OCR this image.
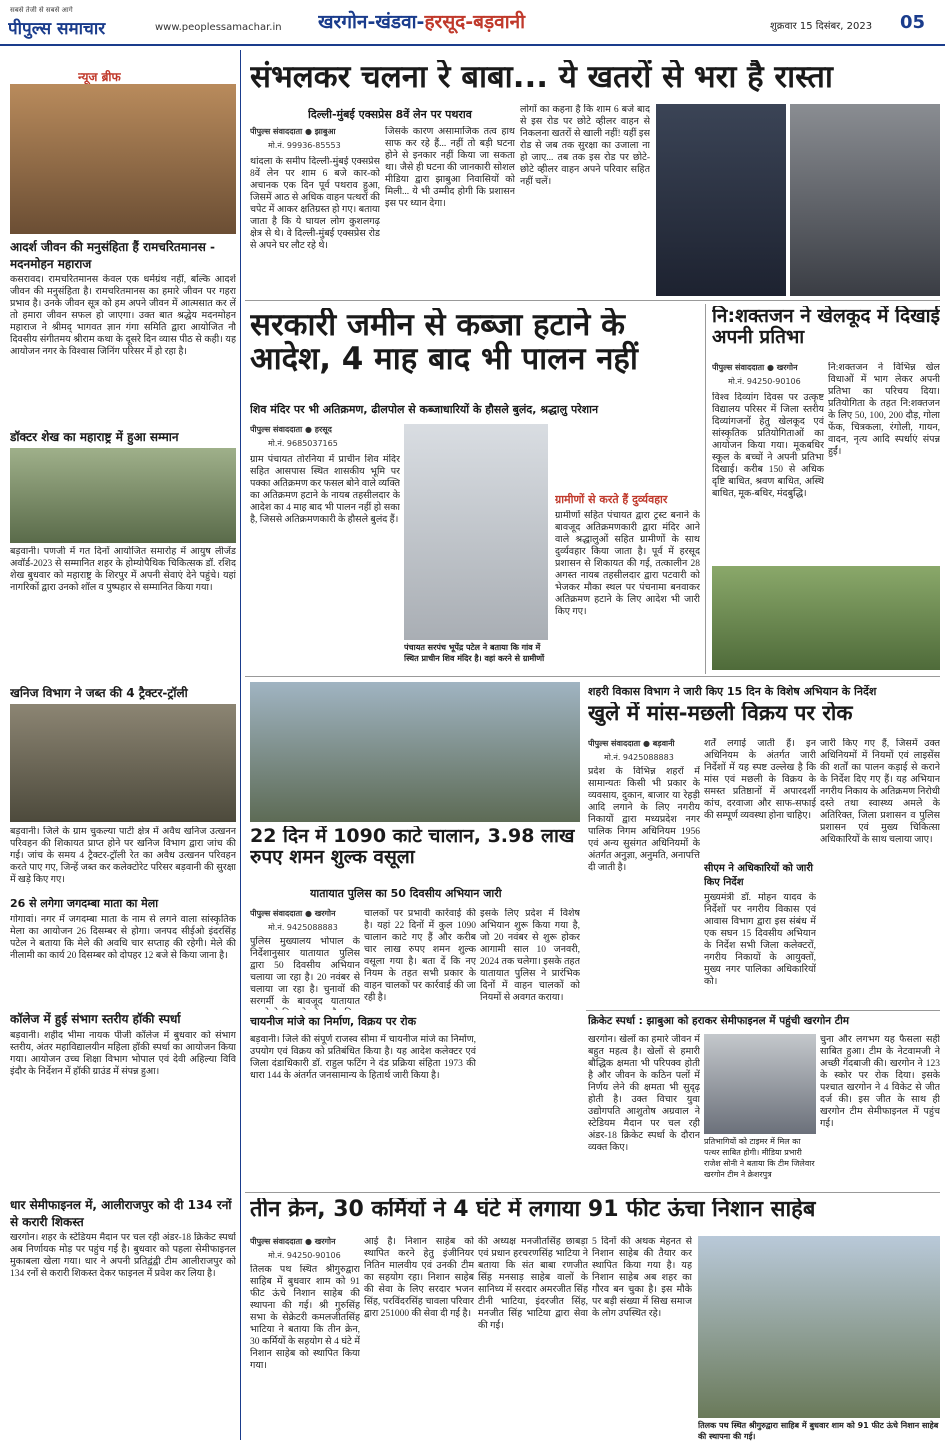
सबसे तेजी से सबसे आगे
पीपुल्स समाचार	www.peoplessamachar.in खरगोन-खंडवा-हरसूद-बड़वानी	शुक्रवार 15 दिसंबर, 2023 05
न्यूज ब्रीफ
आदर्श जीवन की मनुसंहिता हैं रामचरितमानस - मदनमोहन महाराज
कसरावद। रामचरितमानस केवल एक धर्मग्रंथ नहीं, बल्कि आदर्श जीवन की मनुसंहिता है। रामचरितमानस का हमारे जीवन पर गहरा प्रभाव है। उनके जीवन सूत्र को हम अपने जीवन में आत्मसात कर लें तो हमारा जीवन सफल हो जाएगा। उक्त बात श्रद्धेय मदनमोहन महाराज ने श्रीमद् भागवत ज्ञान गंगा समिति द्वारा आयोजित नौ दिवसीय संगीतमय श्रीराम कथा के दूसरे दिन व्यास पीठ से कही। यह आयोजन नगर के विश्वास जिनिंग परिसर में हो रहा है।
डॉक्टर शेख का महाराष्ट्र में हुआ सम्मान
बड़वानी। पणजी में गत दिनों आयोजित समारोह में आयुष लीजेंड अवॉर्ड-2023 से सम्मानित शहर के होम्योपैथिक चिकित्सक डॉ. रशिद शेख बुधवार को महाराष्ट्र के शिरपुर में अपनी सेवाएं देने पहुंचे। यहां नागरिकों द्वारा उनको शॉल व पुष्पहार से सम्मानित किया गया।
खनिज विभाग ने जब्त की 4 ट्रैक्टर-ट्रॉली
बड़वानी। जिले के ग्राम चुकल्या पाटी क्षेत्र में अवैध खनिज उत्खनन परिवहन की शिकायत प्राप्त होने पर खनिज विभाग द्वारा जांच की गई। जांच के समय 4 ट्रैक्टर-ट्रॉली रेत का अवैध उत्खनन परिवहन करते पाए गए, जिन्हें जब्त कर कलेक्टोरेट परिसर बड़वानी की सुरक्षा में खड़े किए गए।
26 से लगेगा जगदम्बा माता का मेला
गोगावां। नगर में जगदम्बा माता के नाम से लगने वाला सांस्कृतिक मेला का आयोजन 26 दिसम्बर से होगा। जनपद सीईओ इंदरसिंह पटेल ने बताया कि मेले की अवधि चार सप्ताह की रहेगी। मेले की नीलामी का कार्य 20 दिसम्बर को दोपहर 12 बजे से किया जाना है।
कॉलेज में हुई संभाग स्तरीय हॉकी स्पर्धा
बड़वानी। शहीद भीमा नायक पीजी कॉलेज में बुधवार को संभाग स्तरीय, अंतर महाविद्यालयीन महिला हॉकी स्पर्धा का आयोजन किया गया। आयोजन उच्च शिक्षा विभाग भोपाल एवं देवी अहिल्या विवि इंदौर के निर्देशन में हॉकी ग्राउंड में संपन्न हुआ।
धार सेमीफाइनल में, आलीराजपुर को दी 134 रनों से करारी शिकस्त
खरगोन। शहर के स्टेडियम मैदान पर चल रही अंडर-18 क्रिकेट स्पर्धा अब निर्णायक मोड़ पर पहुंच गई है। बुधवार को पहला सेमीफाइनल मुकाबला खेला गया। धार ने अपनी प्रतिद्वंद्वी टीम आलीराजपुर को 134 रनों से करारी शिकस्त देकर फाइनल में प्रवेश कर लिया है।
संभलकर चलना रे बाबा... ये खतरों से भरा है रास्ता
दिल्ली-मुंबई एक्सप्रेस 8वें लेन पर पथराव
पीपुल्स संवाददाता ● झाबुआ
मो.नं. 99936-85553
थांदला के समीप दिल्ली-मुंबई एक्सप्रेस 8वें लेन पर शाम 6 बजे कार-को अचानक एक दिन पूर्व पथराव हुआ, जिसमें आठ से अधिक वाहन पत्थरों की चपेट में आकर क्षतिग्रस्त हो गए। बताया जाता है कि ये घायल लोग कुशलगढ़ क्षेत्र से थे। वे दिल्ली-मुंबई एक्सप्रेस रोड से अपने घर लौट रहे थे।
जिसके कारण असामाजिक तत्व हाथ साफ कर रहे हैं... नहीं तो बड़ी घटना होने से इनकार नहीं किया जा सकता था। जैसे ही घटना की जानकारी सोशल मीडिया द्वारा झाबुआ निवासियों को मिली... ये भी उम्मीद होगी कि प्रशासन इस पर ध्यान देगा।
लोगों का कहना है कि शाम 6 बजे बाद से इस रोड पर छोटे व्हीलर वाहन से निकलना खतरों से खाली नहीं! यहीं इस रोड से जब तक सुरक्षा का उजाला ना हो जाए... तब तक इस रोड पर छोटे-छोटे व्हीलर वाहन अपने परिवार सहित नहीं चलें।
सरकारी जमीन से कब्जा हटाने के आदेश, 4 माह बाद भी पालन नहीं
शिव मंदिर पर भी अतिक्रमण, ढीलपोल से कब्जाधारियों के हौसले बुलंद, श्रद्धालु परेशान
पीपुल्स संवाददाता ● हरसूद
मो.नं. 9685037165
ग्राम पंचायत तोरनिया में प्राचीन शिव मंदिर सहित आसपास स्थित शासकीय भूमि पर पक्का अतिक्रमण कर फसल बोने वाले व्यक्ति का अतिक्रमण हटाने के नायब तहसीलदार के आदेश का 4 माह बाद भी पालन नहीं हो सका है, जिससे अतिक्रमणकारी के हौसले बुलंद हैं।
पंचायत सरपंच भूपेंद्र पटेल ने बताया कि गांव में स्थित प्राचीन शिव मंदिर है। वहां करने से ग्रामीणों
ग्रामीणों से करते हैं दुर्व्यवहार
ग्रामीणों सहित पंचायत द्वारा ट्रस्ट बनाने के बावजूद अतिक्रमणकारी द्वारा मंदिर आने वाले श्रद्धालुओं सहित ग्रामीणों के साथ दुर्व्यवहार किया जाता है। पूर्व में हरसूद प्रशासन से शिकायत की गई, तत्कालीन 28 अगस्त नायब तहसीलदार द्वारा पटवारी को भेजकर मौका स्थल पर पंचनामा बनवाकर अतिक्रमण हटाने के लिए आदेश भी जारी किए गए।
नि:शक्तजन ने खेलकूद में दिखाई अपनी प्रतिभा
पीपुल्स संवाददाता ● खरगोन
मो.नं. 94250-90106
विश्व दिव्यांग दिवस पर उत्कृष्ट विद्यालय परिसर में जिला स्तरीय दिव्यांगजनों हेतु खेलकूद एवं सांस्कृतिक प्रतियोगिताओं का आयोजन किया गया। मूकबधिर स्कूल के बच्चों ने अपनी प्रतिभा दिखाई। करीब 150 से अधिक दृष्टि बाधित, श्रवण बाधित, अस्थि बाधित, मूक-बधिर, मंदबुद्धि।
नि:शक्तजन ने विभिन्न खेल विधाओं में भाग लेकर अपनी प्रतिभा का परिचय दिया। प्रतियोगिता के तहत नि:शक्तजन के लिए 50, 100, 200 दौड़, गोला फेंक, चित्रकला, रंगोली, गायन, वादन, नृत्य आदि स्पर्धाएं संपन्न हुईं।
22 दिन में 1090 काटे चालान, 3.98 लाख रुपए शमन शुल्क वसूला
यातायात पुलिस का 50 दिवसीय अभियान जारी
पीपुल्स संवाददाता ● खरगोन
मो.नं. 9425088883
पुलिस मुख्यालय भोपाल के निर्देशानुसार यातायात पुलिस द्वारा 50 दिवसीय अभियान चलाया जा रहा है। 20 नवंबर से चलाया जा रहा है। चुनावों की सरगर्मी के बावजूद यातायात
चालकों पर प्रभावी कार्रवाई की है। यहां 22 दिनों में कुल 1090 चालान काटे गए हैं और करीब चार लाख रुपए शमन शुल्क वसूला गया है। बता दें कि नए नियम के तहत सभी प्रकार के वाहन चालकों पर कार्रवाई की जा रही है।
इसके लिए प्रदेश में विशेष अभियान शुरू किया गया है, जो 20 नवंबर से शुरू होकर आगामी साल 10 जनवरी, 2024 तक चलेगा। इसके तहत यातायात पुलिस ने प्रारंभिक दिनों में वाहन चालकों को नियमों से अवगत कराया।
चायनीज मांजे का निर्माण, विक्रय पर रोक
बड़वानी। जिले की संपूर्ण राजस्व सीमा में चायनीज मांजे का निर्माण, उपयोग एवं विक्रय को प्रतिबंधित किया है। यह आदेश कलेक्टर एवं जिला दंडाधिकारी डॉ. राहुल फटिंग ने दंड प्रक्रिया संहिता 1973 की धारा 144 के अंतर्गत जनसामान्य के हितार्थ जारी किया है।
शहरी विकास विभाग ने जारी किए 15 दिन के विशेष अभियान के निर्देश
खुले में मांस-मछली विक्रय पर रोक
पीपुल्स संवाददाता ● बड़वानी
मो.नं. 9425088883
प्रदेश के विभिन्न शहरों में सामान्यतः किसी भी प्रकार के व्यवसाय, दुकान, बाजार या रेहड़ी आदि लगाने के लिए नगरीय निकायों द्वारा मध्यप्रदेश नगर पालिक निगम अधिनियम 1956 एवं अन्य सुसंगत अधिनियमों के अंतर्गत अनुज्ञा, अनुमति, अनापत्ति दी जाती है।
शर्तें लगाई जाती हैं। इन अधिनियम के अंतर्गत जारी निर्देशों में यह स्पष्ट उल्लेख है कि मांस एवं मछली के विक्रय के समस्त प्रतिष्ठानों में अपारदर्शी कांच, दरवाजा और साफ-सफाई की सम्पूर्ण व्यवस्था होना चाहिए।
सीएम ने अधिकारियों को जारी किए निर्देश
मुख्यमंत्री डॉ. मोहन यादव के निर्देशों पर नगरीय विकास एवं आवास विभाग द्वारा इस संबंध में एक सघन 15 दिवसीय अभियान के निर्देश सभी जिला कलेक्टरों, नगरीय निकायों के आयुक्तों, मुख्य नगर पालिका अधिकारियों को।
जारी किए गए हैं, जिसमें उक्त अधिनियमों में नियमों एवं लाइसेंस की शर्तों का पालन कड़ाई से कराने के निर्देश दिए गए हैं। यह अभियान नगरीय निकाय के अतिक्रमण निरोधी दस्ते तथा स्वास्थ्य अमले के अतिरिक्त, जिला प्रशासन व पुलिस प्रशासन एवं मुख्य चिकित्सा अधिकारियों के साथ चलाया जाए।
क्रिकेट स्पर्धा : झाबुआ को हराकर सेमीफाइनल में पहुंची खरगोन टीम
खरगोन। खेलों का हमारे जीवन में बहुत महत्व है। खेलों से हमारी बौद्धिक क्षमता भी परिपक्व होती है और जीवन के कठिन पलों में निर्णय लेने की क्षमता भी सुदृढ़ होती है। उक्त विचार युवा उद्योगपति आशुतोष अग्रवाल ने स्टेडियम मैदान पर चल रही अंडर-18 क्रिकेट स्पर्धा के दौरान व्यक्त किए।
प्रतिभागियों को टाइमर में मिल का पत्थर साबित होगी। मीडिया प्रभारी राजेश सोनी ने बताया कि टीम जिलेवार खरगोन टीम ने क्रेशरपुत्र
चुना और लगभग यह फैसला सही साबित हुआ। टीम के नेटवामजी ने अच्छी गेंदबाजी की। खरगोन ने 123 के स्कोर पर रोक दिया। इसके पश्चात खरगोन ने 4 विकेट से जीत दर्ज की। इस जीत के साथ ही खरगोन टीम सेमीफाइनल में पहुंच गई।
तीन क्रेन, 30 कर्मियों ने 4 घंटे में लगाया 91 फीट ऊंचा निशान साहेब
पीपुल्स संवाददाता ● खरगोन
मो.नं. 94250-90106
तिलक पथ स्थित श्रीगुरुद्वारा साहिब में बुधवार शाम को 91 फीट ऊंचे निशान साहेब की स्थापना की गई। श्री गुरुसिंह सभा के सेक्रेटरी कमलजीतसिंह भाटिया ने बताया कि तीन क्रेन, 30 कर्मियों के सहयोग से 4 घंटे में निशान साहेब को स्थापित किया गया।
आई है। निशान साहेब को स्थापित करने हेतु इंजीनियर नितिन मालवीय एवं उनकी टीम का सहयोग रहा। निशान साहेब की सेवा के लिए सरदार भजन सिंह, परविंदरसिंह चावला परिवार द्वारा 251000 की सेवा दी गई है।
की अध्यक्ष मनजीतसिंह छाबड़ा एवं प्रधान हरचरणसिंह भाटिया ने बताया कि संत बाबा रणजीत सिंह मनसाड़ साहेब वालों के सानिध्य में सरदार अमरजीत सिंह टीनी भाटिया, इंदरजीत सिंह, मनजीत सिंह भाटिया द्वारा सेवा की गई।
5 दिनों की अथक मेहनत से निशान साहेब की तैयार कर स्थापित किया गया है। यह निशान साहेब अब शहर का गौरव बन चुका है। इस मौके पर बड़ी संख्या में सिख समाज के लोग उपस्थित रहे।
तिलक पथ स्थित श्रीगुरुद्वारा साहिब में बुधवार शाम को 91 फीट ऊंचे निशान साहेब की स्थापना की गई।
